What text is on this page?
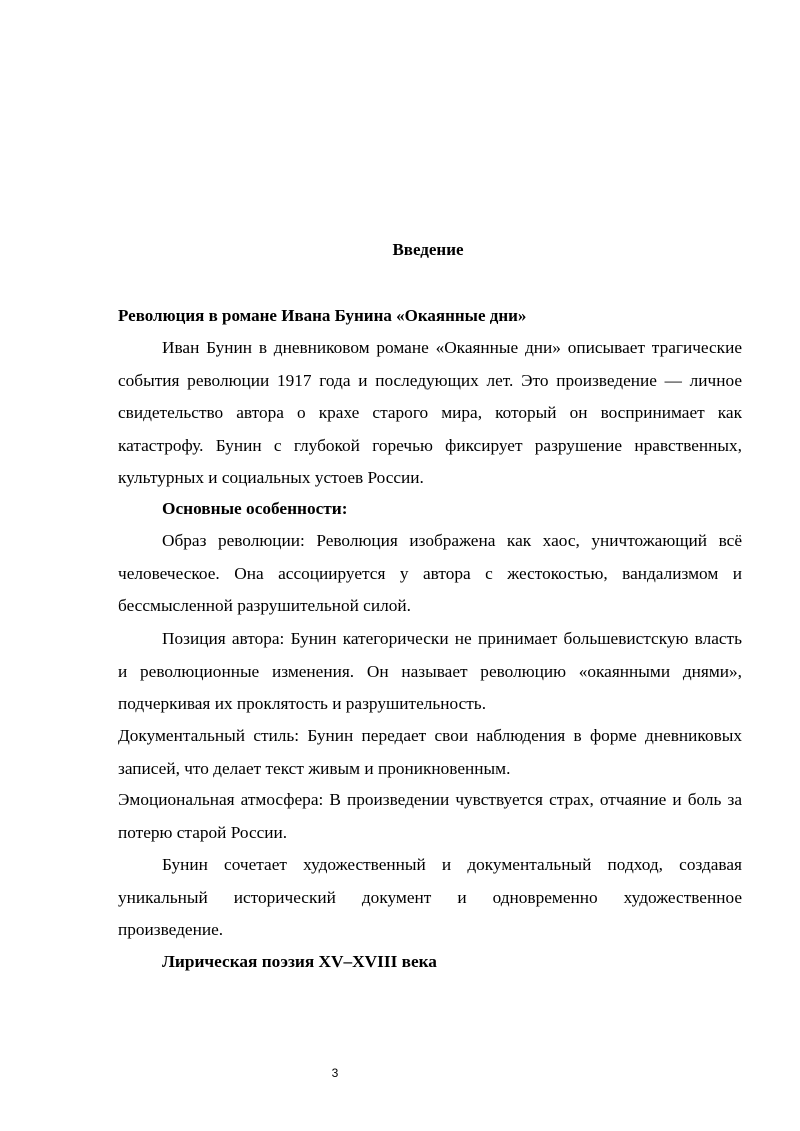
Введение
Революция в романе Ивана Бунина «Окаянные дни»
Иван Бунин в дневниковом романе «Окаянные дни» описывает трагические события революции 1917 года и последующих лет. Это произведение — личное свидетельство автора о крахе старого мира, который он воспринимает как катастрофу. Бунин с глубокой горечью фиксирует разрушение нравственных, культурных и социальных устоев России.
Основные особенности:
Образ революции: Революция изображена как хаос, уничтожающий всё человеческое. Она ассоциируется у автора с жестокостью, вандализмом и бессмысленной разрушительной силой.
Позиция автора: Бунин категорически не принимает большевистскую власть и революционные изменения. Он называет революцию «окаянными днями», подчеркивая их проклятость и разрушительность.
Документальный стиль: Бунин передает свои наблюдения в форме дневниковых записей, что делает текст живым и проникновенным.
Эмоциональная атмосфера: В произведении чувствуется страх, отчаяние и боль за потерю старой России.
Бунин сочетает художественный и документальный подход, создавая уникальный исторический документ и одновременно художественное произведение.
Лирическая поэзия XV–XVIII века
3
